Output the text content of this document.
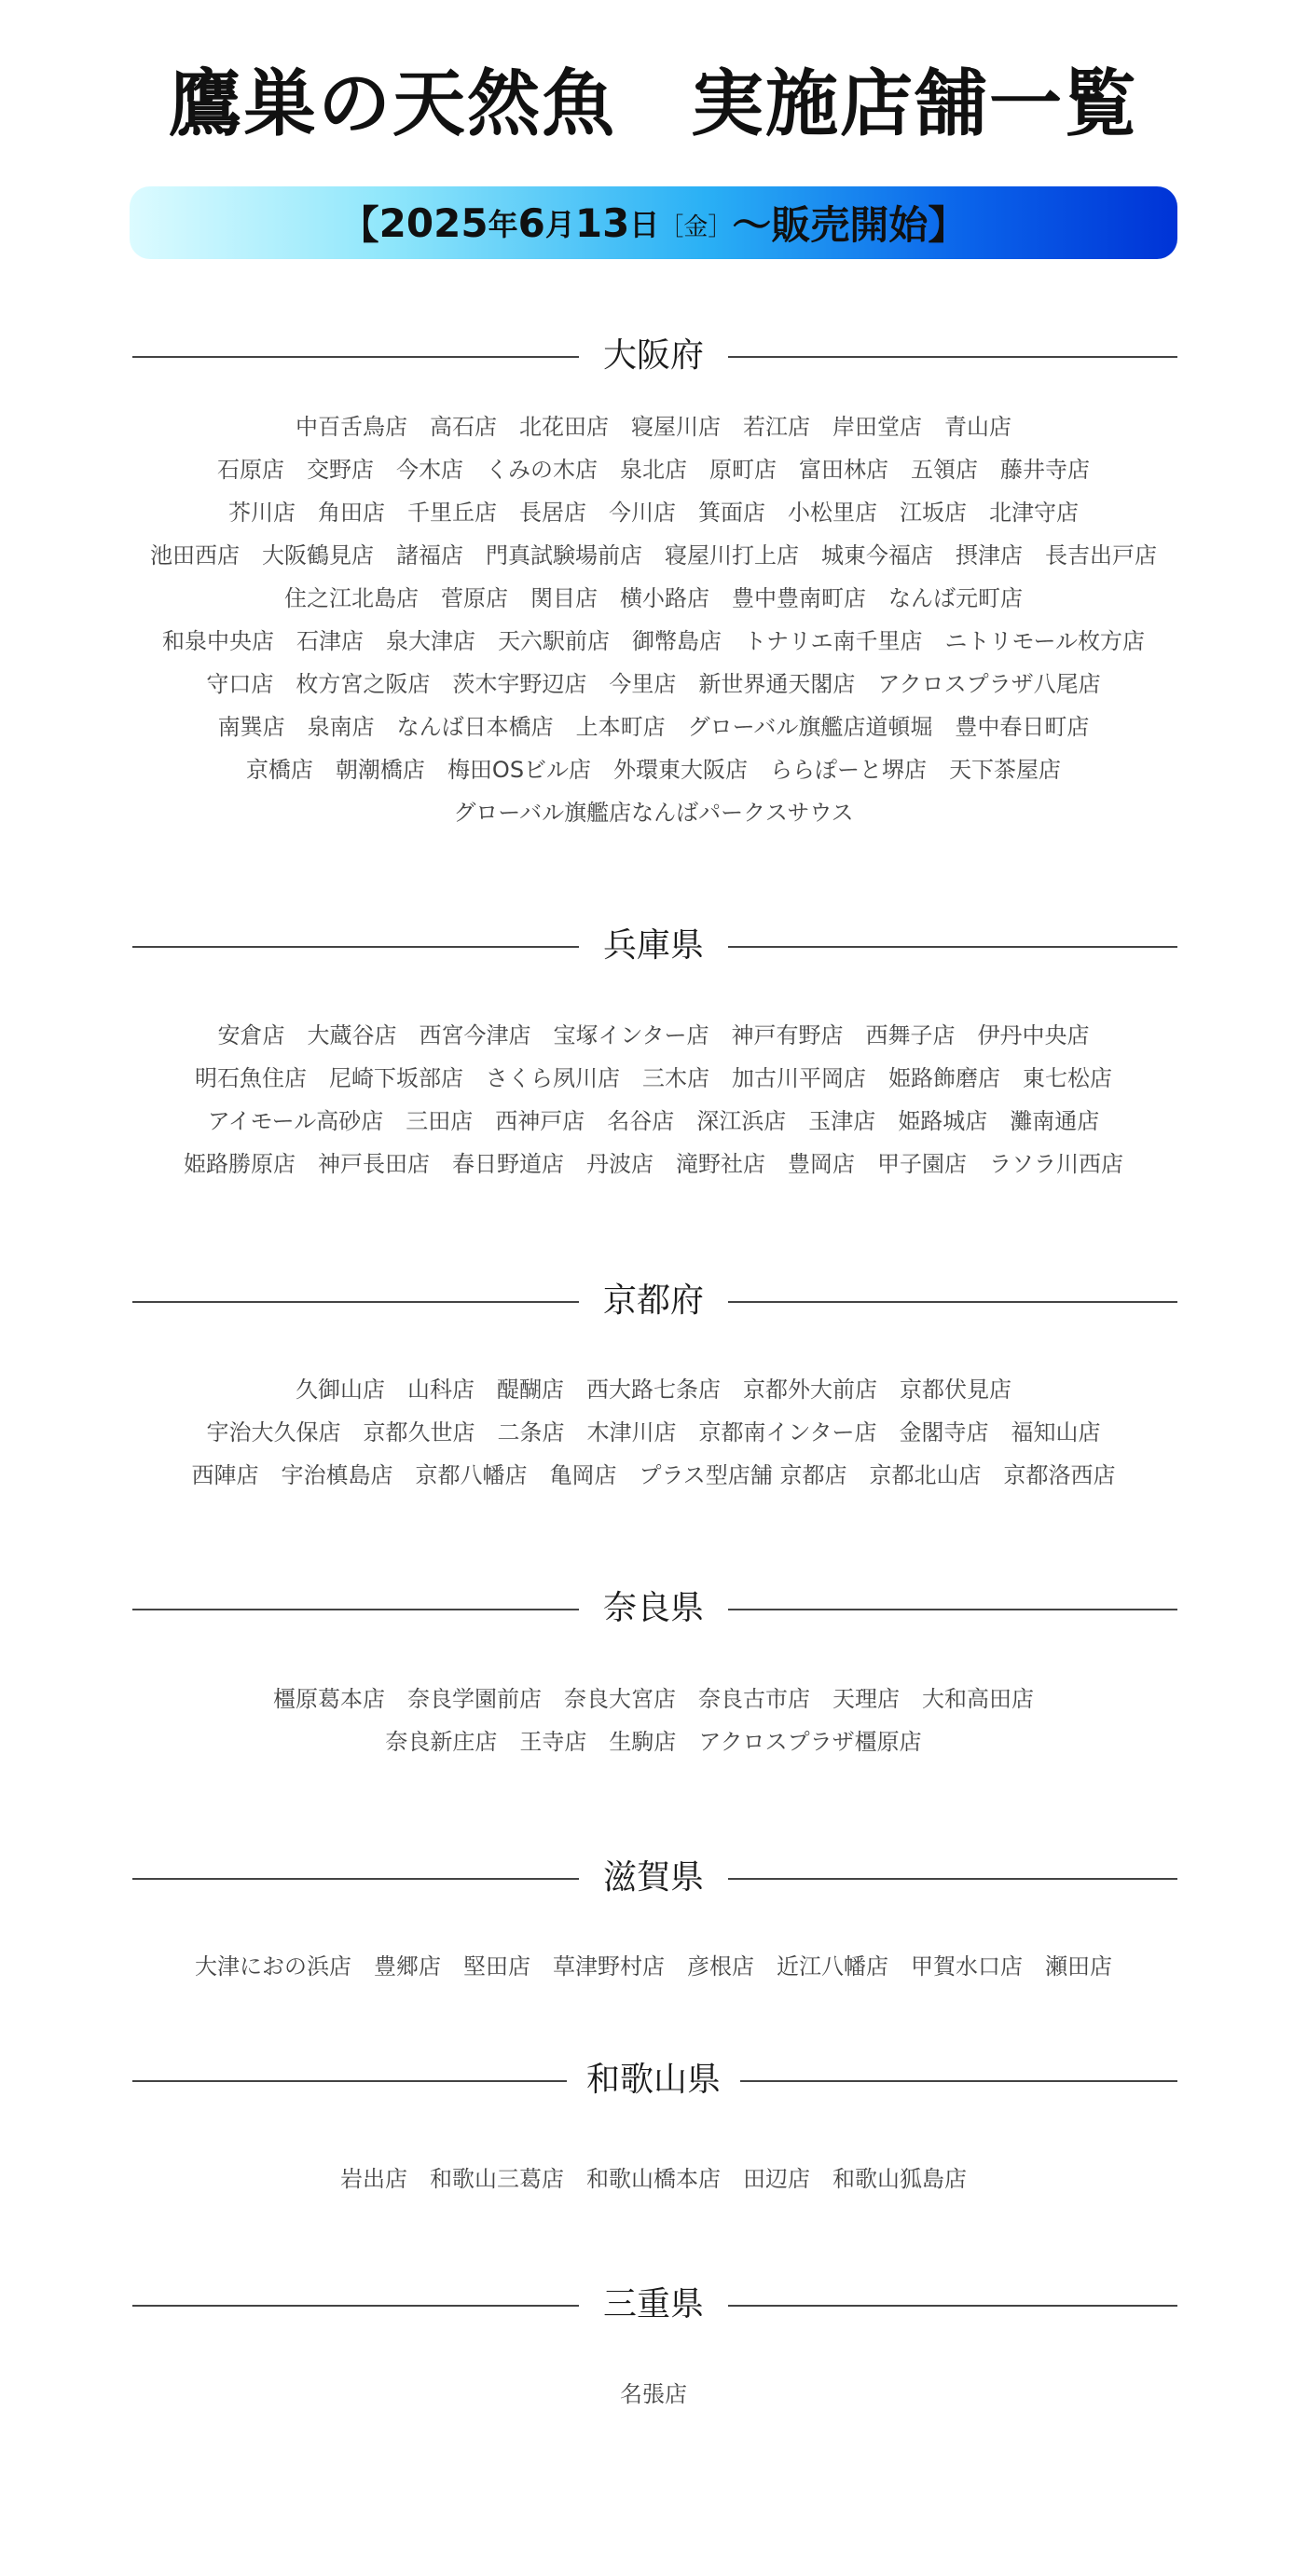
鷹巣の天然魚　実施店舗一覧
【 2025 年 6 月 13 日 ［金］ ～販売開始】
大阪府
中百舌鳥店 高石店 北花田店 寝屋川店 若江店 岸田堂店 青山店
石原店 交野店 今木店 くみの木店 泉北店 原町店 富田林店 五領店 藤井寺店
芥川店 角田店 千里丘店 長居店 今川店 箕面店 小松里店 江坂店 北津守店
池田西店 大阪鶴見店 諸福店 門真試験場前店 寝屋川打上店 城東今福店 摂津店 長吉出戸店
住之江北島店 菅原店 関目店 横小路店 豊中豊南町店 なんば元町店
和泉中央店 石津店 泉大津店 天六駅前店 御幣島店 トナリエ南千里店 ニトリモール枚方店
守口店 枚方宮之阪店 茨木宇野辺店 今里店 新世界通天閣店 アクロスプラザ八尾店
南巽店 泉南店 なんば日本橋店 上本町店 グローバル旗艦店道頓堀 豊中春日町店
京橋店 朝潮橋店 梅田OSビル店 外環東大阪店 ららぽーと堺店 天下茶屋店
グローバル旗艦店なんばパークスサウス
兵庫県
安倉店 大蔵谷店 西宮今津店 宝塚インター店 神戸有野店 西舞子店 伊丹中央店
明石魚住店 尼崎下坂部店 さくら夙川店 三木店 加古川平岡店 姫路飾磨店 東七松店
アイモール高砂店 三田店 西神戸店 名谷店 深江浜店 玉津店 姫路城店 灘南通店
姫路勝原店 神戸長田店 春日野道店 丹波店 滝野社店 豊岡店 甲子園店 ラソラ川西店
京都府
久御山店 山科店 醍醐店 西大路七条店 京都外大前店 京都伏見店
宇治大久保店 京都久世店 二条店 木津川店 京都南インター店 金閣寺店 福知山店
西陣店 宇治槙島店 京都八幡店 亀岡店 プラス型店舗 京都店 京都北山店 京都洛西店
奈良県
橿原葛本店 奈良学園前店 奈良大宮店 奈良古市店 天理店 大和高田店
奈良新庄店 王寺店 生駒店 アクロスプラザ橿原店
滋賀県
大津におの浜店 豊郷店 堅田店 草津野村店 彦根店 近江八幡店 甲賀水口店 瀬田店
和歌山県
岩出店 和歌山三葛店 和歌山橋本店 田辺店 和歌山狐島店
三重県
名張店
